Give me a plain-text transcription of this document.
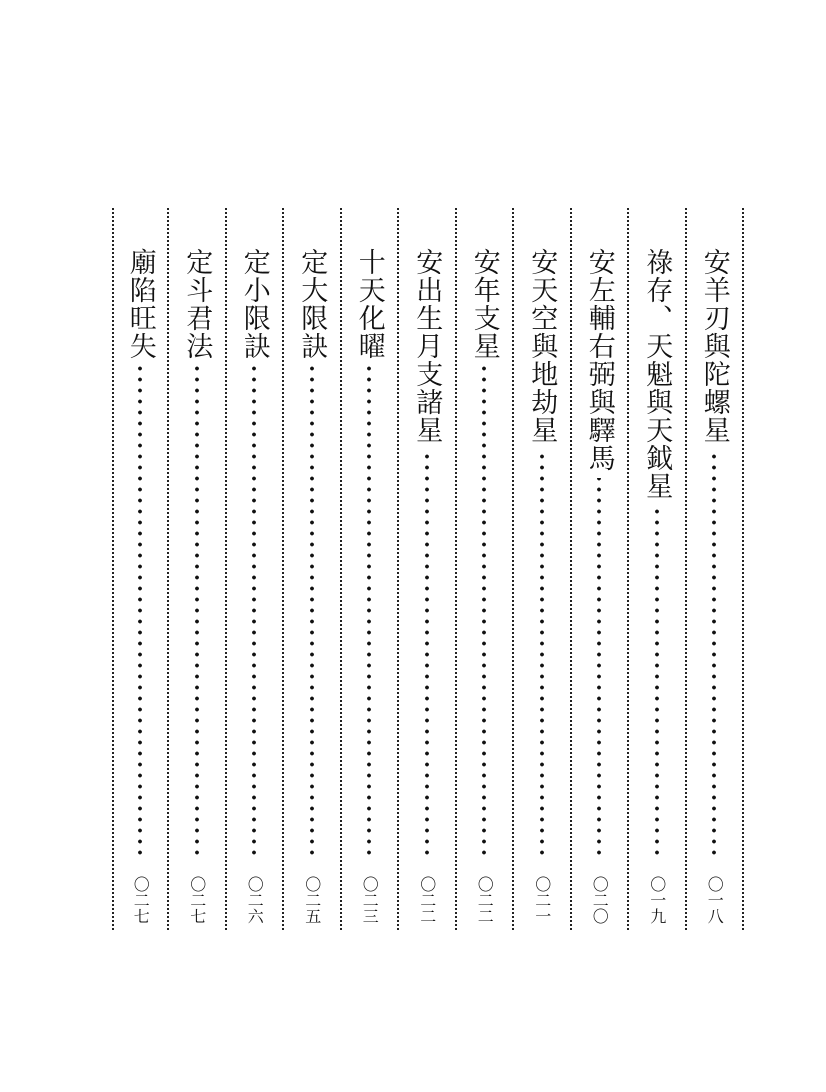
安羊刃與陀螺星
〇一八
祿存、天魁與天鉞星
〇一九
安左輔右弼與驛馬
〇二〇
安天空與地劫星
〇二一
安年支星
〇二二
安出生月支諸星
〇二二
十天化曜
〇二三
定大限訣
〇二五
定小限訣
〇二六
定斗君法
〇二七
廟陷旺失
〇二七
